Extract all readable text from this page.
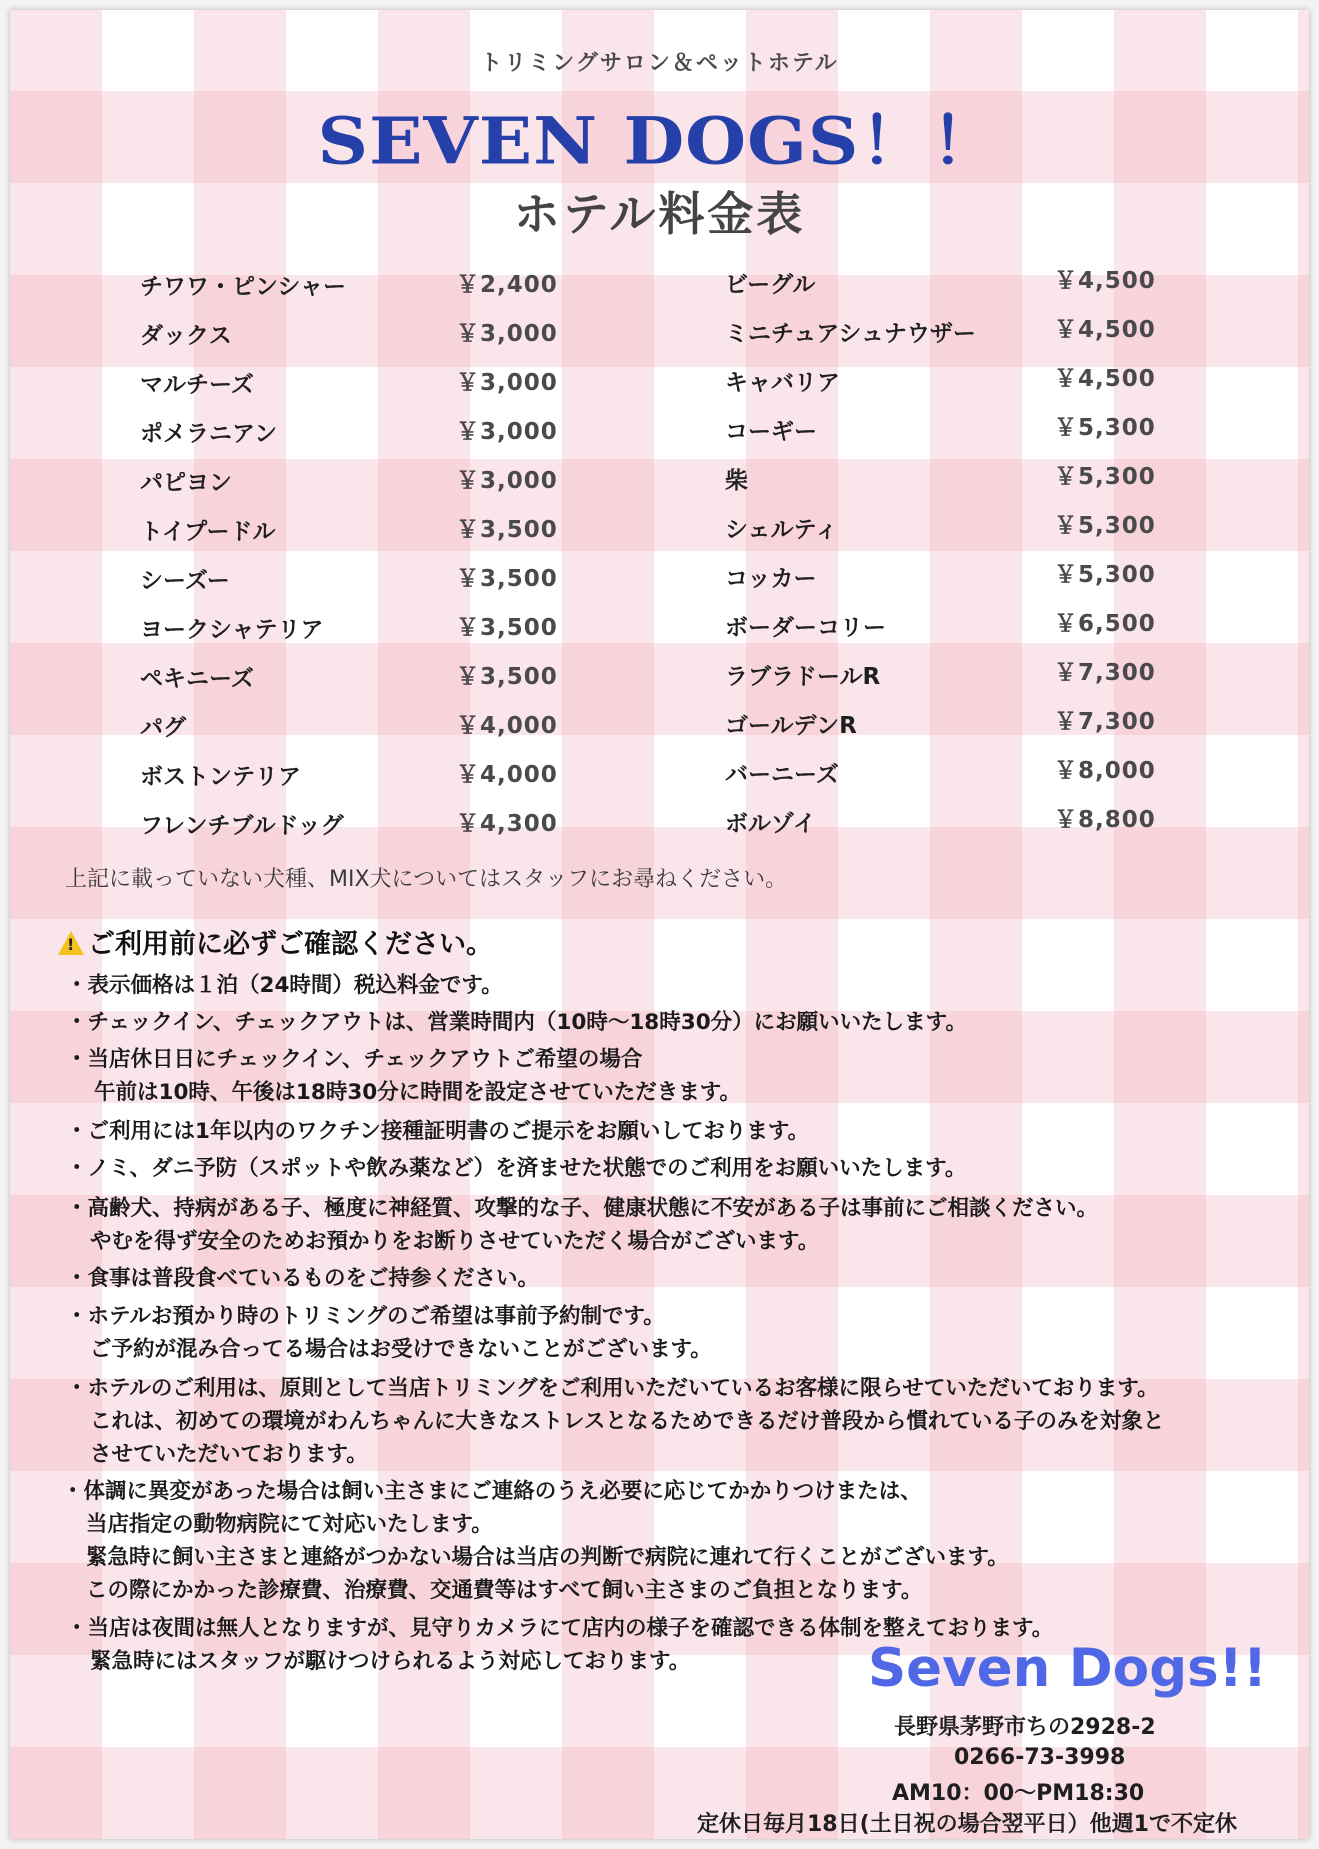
トリミングサロン＆ペットホテル
SEVEN DOGS！！
ホテル料金表
チワワ・ピンシャー	￥2,400
ダックス	￥3,000
マルチーズ	￥3,000
ポメラニアン	￥3,000
パピヨン	￥3,000
トイプードル	￥3,500
シーズー	￥3,500
ヨークシャテリア	￥3,500
ペキニーズ	￥3,500
パグ	￥4,000
ボストンテリア	￥4,000
フレンチブルドッグ	￥4,300
ビーグル	￥4,500
ミニチュアシュナウザー	￥4,500
キャバリア	￥4,500
コーギー	￥5,300
柴	￥5,300
シェルティ	￥5,300
コッカー	￥5,300
ボーダーコリー	￥6,500
ラブラドールR	￥7,300
ゴールデンR	￥7,300
バーニーズ	￥8,000
ボルゾイ	￥8,800
上記に載っていない犬種、MIX犬についてはスタッフにお尋ねください。
!ご利用前に必ずご確認ください。
・表示価格は１泊（24時間）税込料金です。
・チェックイン、チェックアウトは、営業時間内（10時〜18時30分）にお願いいたします。
・当店休日日にチェックイン、チェックアウトご希望の場合
午前は10時、午後は18時30分に時間を設定させていただきます。
・ご利用には1年以内のワクチン接種証明書のご提示をお願いしております。
・ノミ、ダニ予防（スポットや飲み薬など）を済ませた状態でのご利用をお願いいたします。
・高齢犬、持病がある子、極度に神経質、攻撃的な子、健康状態に不安がある子は事前にご相談ください。
やむを得ず安全のためお預かりをお断りさせていただく場合がございます。
・食事は普段食べているものをご持参ください。
・ホテルお預かり時のトリミングのご希望は事前予約制です。
ご予約が混み合ってる場合はお受けできないことがございます。
・ホテルのご利用は、原則として当店トリミングをご利用いただいているお客様に限らせていただいております。
これは、初めての環境がわんちゃんに大きなストレスとなるためできるだけ普段から慣れている子のみを対象と
させていただいております。
・体調に異変があった場合は飼い主さまにご連絡のうえ必要に応じてかかりつけまたは、
当店指定の動物病院にて対応いたします。
緊急時に飼い主さまと連絡がつかない場合は当店の判断で病院に連れて行くことがございます。
この際にかかった診療費、治療費、交通費等はすべて飼い主さまのご負担となります。
・当店は夜間は無人となりますが、見守りカメラにて店内の様子を確認できる体制を整えております。
緊急時にはスタッフが駆けつけられるよう対応しております。	Seven Dogs!!
長野県茅野市ちの2928-2
0266-73-3998
AM10：00〜PM18:30
定休日毎月18日(土日祝の場合翌平日）他週1で不定休
